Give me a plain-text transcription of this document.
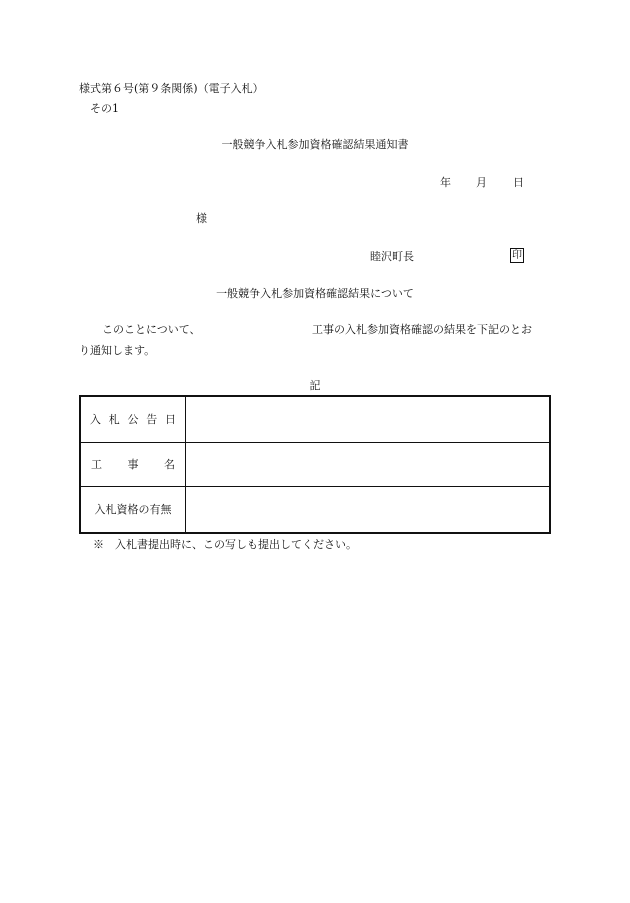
様式第６号(第９条関係)（電子入札）
その1
一般競争入札参加資格確認結果通知書
年 月 日
様
睦沢町長	印
一般競争入札参加資格確認結果について
このことについて、	工事の入札参加資格確認の結果を下記のとお
り通知します。
記
入札公告日	
工事名	
入札資格の有無	
※　入札書提出時に、この写しも提出してください。
